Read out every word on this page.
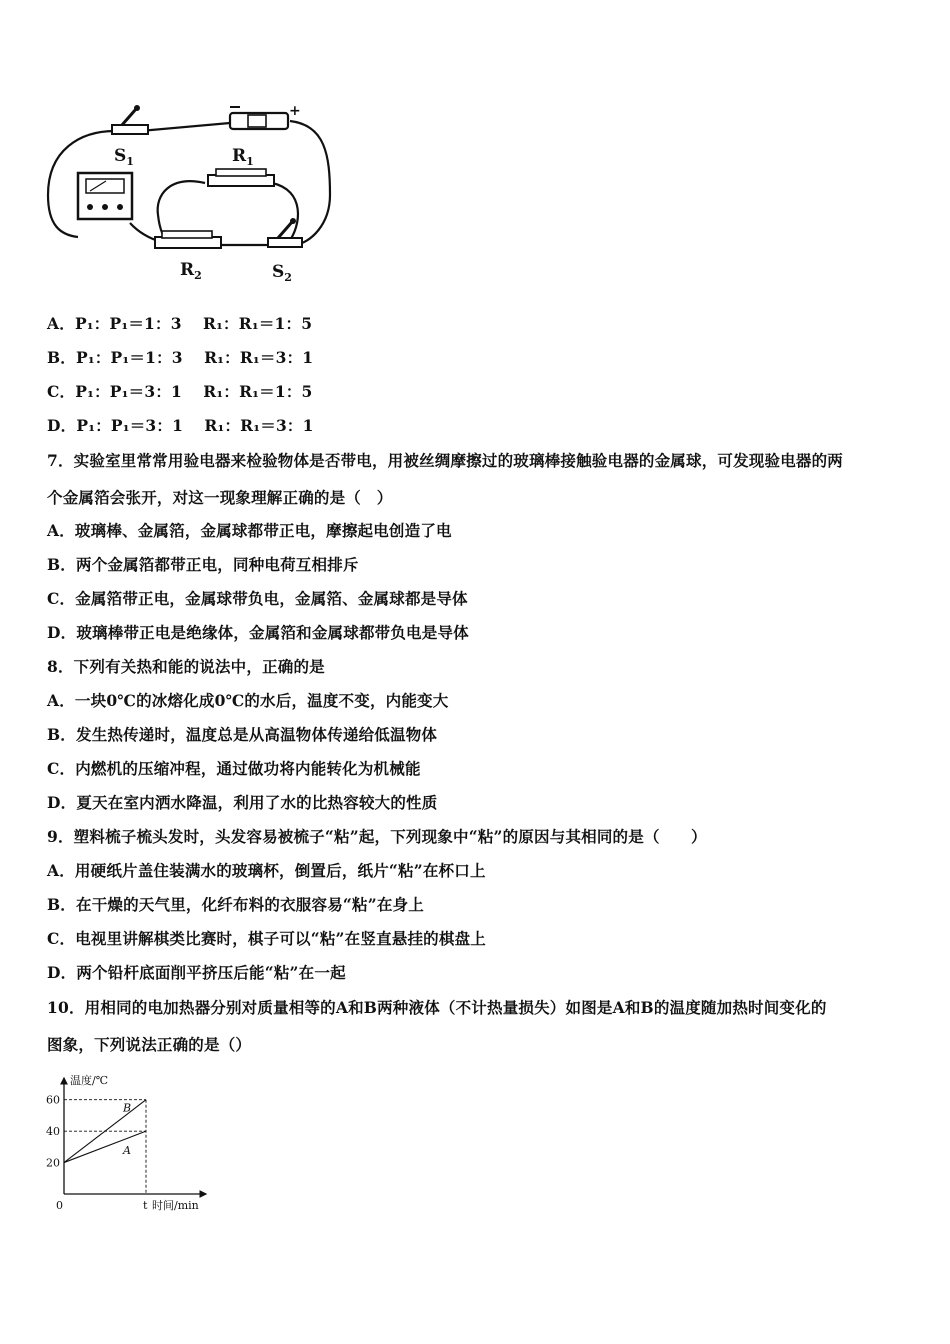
$S_1$	$R_1$
$R_2$	$S_2$
+
A．P₁：P₁＝1：3　 R₁：R₁＝1：5
B．P₁：P₁＝1：3　 R₁：R₁＝3：1
C．P₁：P₁＝3：1　 R₁：R₁＝1：5
D．P₁：P₁＝3：1　 R₁：R₁＝3：1
7．实验室里常常用验电器来检验物体是否带电，用被丝绸摩擦过的玻璃棒接触验电器的金属球，可发现验电器的两
个金属箔会张开，对这一现象理解正确的是（　）
A．玻璃棒、金属箔，金属球都带正电，摩擦起电创造了电
B．两个金属箔都带正电，同种电荷互相排斥
C．金属箔带正电，金属球带负电，金属箔、金属球都是导体
D．玻璃棒带正电是绝缘体，金属箔和金属球都带负电是导体
8．下列有关热和能的说法中，正确的是
A．一块0℃的冰熔化成0℃的水后，温度不变，内能变大
B．发生热传递时，温度总是从高温物体传递给低温物体
C．内燃机的压缩冲程，通过做功将内能转化为机械能
D．夏天在室内洒水降温，利用了水的比热容较大的性质
9．塑料梳子梳头发时，头发容易被梳子“粘”起，下列现象中“粘”的原因与其相同的是（　　）
A．用硬纸片盖住装满水的玻璃杯，倒置后，纸片“粘”在杯口上
B．在干燥的天气里，化纤布料的衣服容易“粘”在身上
C．电视里讲解棋类比赛时，棋子可以“粘”在竖直悬挂的棋盘上
D．两个铅杆底面削平挤压后能“粘”在一起
10．用相同的电加热器分别对质量相等的A和B两种液体（不计热量损失）如图是A和B的温度随加热时间变化的
图象，下列说法正确的是（）
20
40
60
A
B
温度/℃
0	t 时间/min
